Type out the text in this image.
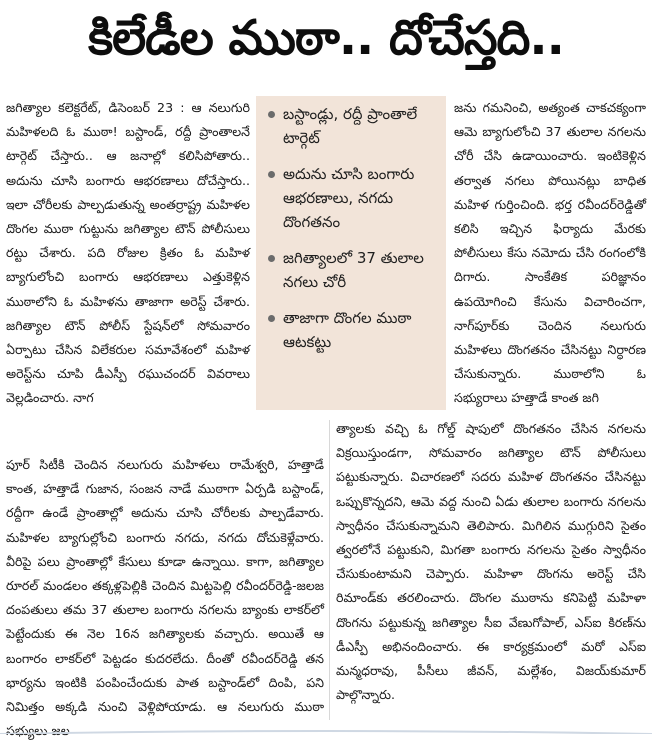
కిలేడీల ముఠా.. దోచేస్తది..

జగిత్యాల కలెక్టరేట్, డిసెంబర్ 23 : ఆ నలుగురి మహిళలది ఓ ముఠా! బస్టాండ్, రద్దీ ప్రాంతాలనే టార్గెట్ చేస్తారు.. ఆ జనాల్లో కలిసిపోతారు.. అదును చూసి బంగారు ఆభరణాలు దోచేస్తారు.. ఇలా చోరీలకు పాల్పడుతున్న అంతర్రాష్ట్ర మహిళల దొంగల ముఠా గుట్టును జగిత్యాల టౌన్ పోలీసులు రట్టు చేశారు. పది రోజుల క్రితం ఓ మహిళ బ్యాగులోంచి బంగారు ఆభరణాలు ఎత్తుకెళ్లిన ముఠాలోని ఓ మహిళను తాజాగా అరెస్ట్ చేశారు. జగిత్యాల టౌన్ పోలీస్ స్టేషన్‌లో సోమవారం ఏర్పాటు చేసిన విలేకరుల సమావేశంలో మహిళ అరెస్ట్‌ను చూపి డీఎస్పీ రఘుచందర్ వివరాలు వెల్లడించారు. నాగ

బస్టాండ్లు, రద్దీ ప్రాంతాలే టార్గెట్
అదును చూసి బంగారు ఆభరణాలు, నగదు దొంగతనం
జగిత్యాలలో 37 తులాల నగలు చోరీ
తాజాగా దొంగల ముఠా ఆటకట్టు

జను గమనించి, అత్యంత చాకచక్యంగా ఆమె బ్యాగులోంచి 37 తులాల నగలను చోరీ చేసి ఉడాయించారు. ఇంటికెళ్లిన తర్వాత నగలు పోయినట్లు బాధిత మహిళ గుర్తించింది. భర్త రవీందర్‌రెడ్డితో కలిసి ఇచ్చిన ఫిర్యాదు మేరకు పోలీసులు కేసు నమోదు చేసి రంగంలోకి దిగారు. సాంకేతిక పరిజ్ఞానం ఉపయోగించి కేసును విచారించగా, నాగ్‌పూర్‌కు చెందిన నలుగురు మహిళలు దొంగతనం చేసినట్టు నిర్ధారణ చేసుకున్నారు. ముఠాలోని ఓ సభ్యురాలు హత్తాడే కాంత జగి

పూర్ సిటీకి చెందిన నలుగురు మహిళలు రామేశ్వరి, హత్తాడే కాంత, హత్తాడే గుజాన, సంజన నాడే ముఠాగా ఏర్పడి బస్టాండ్, రద్దీగా ఉండే ప్రాంతాల్లో అదును చూసి చోరీలకు పాల్పడేవారు. మహిళల బ్యాగుల్లోంచి బంగారు నగదు, నగదు దోచుకెళ్లేవారు. వీరిపై పలు ప్రాంతాల్లో కేసులు కూడా ఉన్నాయి. కాగా, జగిత్యాల రూరల్ మండలం తక్కళ్లపెల్లికి చెందిన మిట్టపెల్లి రవీందర్‌రెడ్డి-జలజ దంపతులు తమ 37 తులాల బంగారు నగలను బ్యాంకు లాకర్‌లో పెట్టేందుకు ఈ నెల 16న జగిత్యాలకు వచ్చారు. అయితే ఆ బంగారం లాకర్‌లో పెట్టడం కుదరలేదు. దీంతో రవీందర్‌రెడ్డి తన భార్యను ఇంటికి పంపించేందుకు పాత బస్టాండ్‌లో దింపి, పని నిమిత్తం అక్కడి నుంచి వెళ్లిపోయాడు. ఆ నలుగురు ముఠా సభ్యులు జల

త్యాలకు వచ్చి ఓ గోల్డ్ షాపులో దొంగతనం చేసిన నగలను విక్రయిస్తుండగా, సోమవారం జగిత్యాల టౌన్ పోలీసులు పట్టుకున్నారు. విచారణలో సదరు మహిళ దొంగతనం చేసినట్టు ఒప్పుకొన్నదని, ఆమె వద్ద నుంచి ఏడు తులాల బంగారు నగలను స్వాధీనం చేసుకున్నామని తెలిపారు. మిగిలిన ముగ్గురిని సైతం త్వరలోనే పట్టుకుని, మిగతా బంగారు నగలను సైతం స్వాధీనం చేసుకుంటామని చెప్పారు. మహిళా దొంగను అరెస్ట్ చేసి రిమాండ్‌కు తరలించారు. దొంగల ముఠాను కనిపెట్టి మహిళా దొంగను పట్టుకున్న జగిత్యాల సీఐ వేణుగోపాల్, ఎస్ఐ కిరణ్‌ను డీఎస్పీ అభినందించారు. ఈ కార్యక్రమంలో మరో ఎస్ఐ మన్మధరావు, పీసీలు జీవన్, మల్లేశం, విజయ్‌కుమార్ పాల్గొన్నారు.
